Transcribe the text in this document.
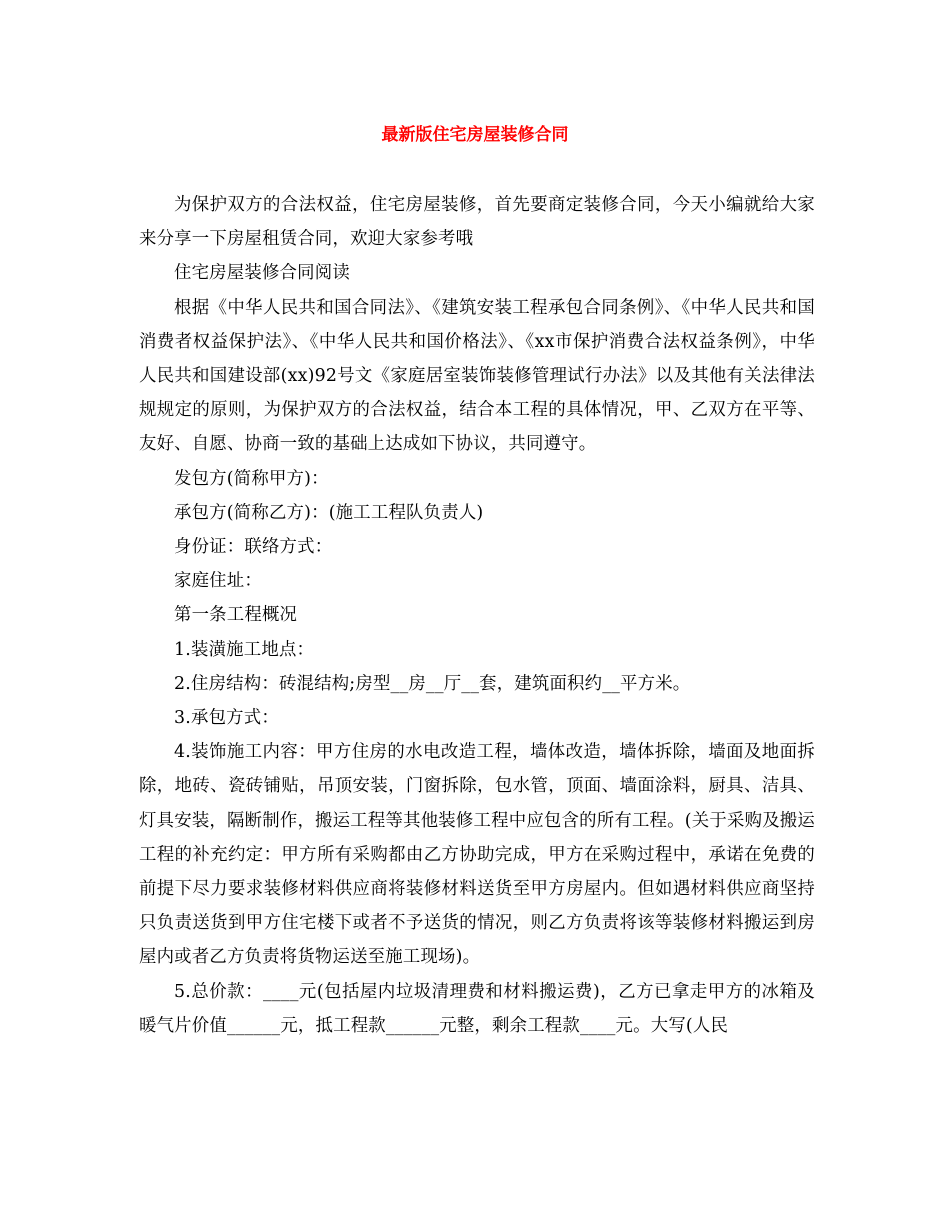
最新版住宅房屋装修合同

为保护双方的合法权益，住宅房屋装修，首先要商定装修合同，今天小编就给大家来分享一下房屋租赁合同，欢迎大家参考哦

住宅房屋装修合同阅读

根据《中华人民共和国合同法》、《建筑安装工程承包合同条例》、《中华人民共和国消费者权益保护法》、《中华人民共和国价格法》、《xx市保护消费合法权益条例》，中华人民共和国建设部(xx)92号文《家庭居室装饰装修管理试行办法》以及其他有关法律法规规定的原则，为保护双方的合法权益，结合本工程的具体情况，甲、乙双方在平等、友好、自愿、协商一致的基础上达成如下协议，共同遵守。

发包方(简称甲方)：

承包方(简称乙方)：(施工工程队负责人)

身份证：联络方式：

家庭住址：

第一条工程概况

1.装潢施工地点：

2.住房结构：砖混结构;房型__房__厅__套，建筑面积约__平方米。

3.承包方式：

4.装饰施工内容：甲方住房的水电改造工程，墙体改造，墙体拆除，墙面及地面拆除，地砖、瓷砖铺贴，吊顶安装，门窗拆除，包水管，顶面、墙面涂料，厨具、洁具、灯具安装，隔断制作，搬运工程等其他装修工程中应包含的所有工程。(关于采购及搬运工程的补充约定：甲方所有采购都由乙方协助完成，甲方在采购过程中，承诺在免费的前提下尽力要求装修材料供应商将装修材料送货至甲方房屋内。但如遇材料供应商坚持只负责送货到甲方住宅楼下或者不予送货的情况，则乙方负责将该等装修材料搬运到房屋内或者乙方负责将货物运送至施工现场)。

5.总价款：____元(包括屋内垃圾清理费和材料搬运费)，乙方已拿走甲方的冰箱及暖气片价值______元，抵工程款______元整，剩余工程款____元。大写(人民
